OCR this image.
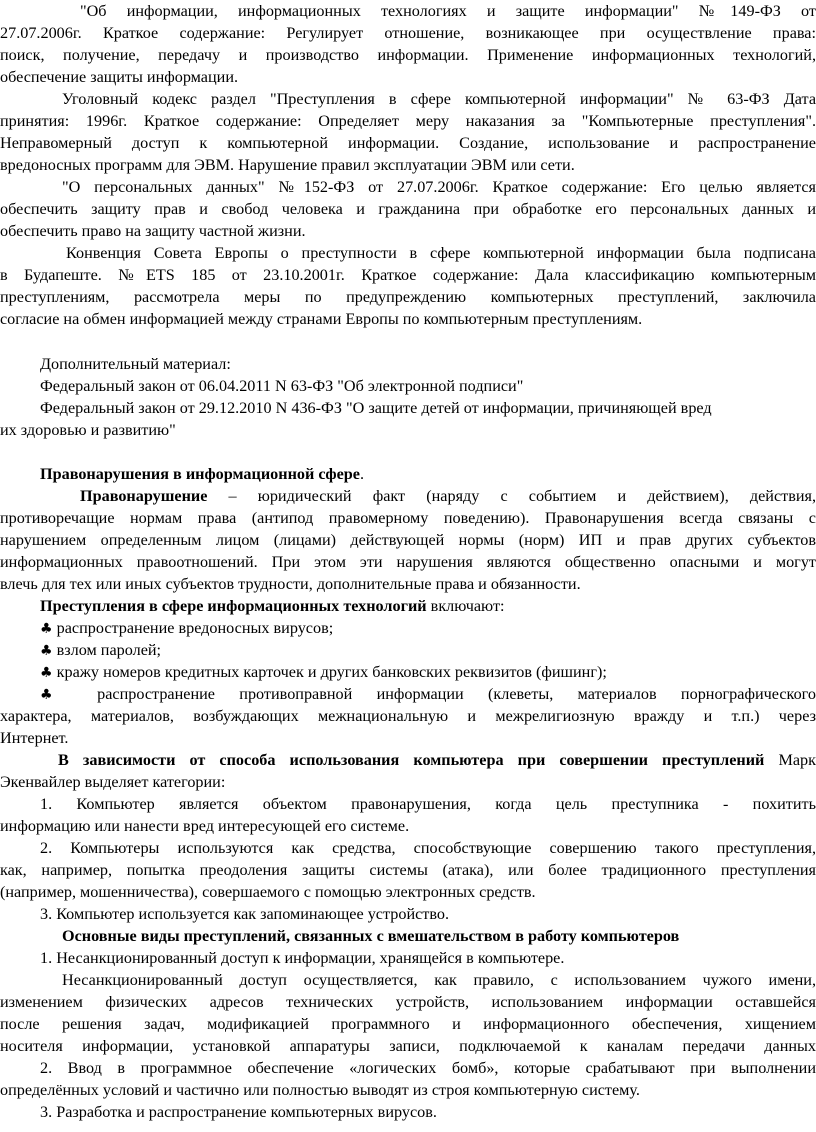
"Об информации, информационных технологиях и защите информации" №149-ФЗ от
27.07.2006г. Краткое содержание: Регулирует отношение, возникающее при осуществление права:
поиск, получение, передачу и производство информации. Применение информационных технологий,
обеспечение защиты информации.
Уголовный кодекс раздел "Преступления в сфере компьютерной информации" № 63-ФЗ Дата
принятия: 1996г. Краткое содержание: Определяет меру наказания за "Компьютерные преступления".
Неправомерный доступ к компьютерной информации. Создание, использование и распространение
вредоносных программ для ЭВМ. Нарушение правил эксплуатации ЭВМ или сети.
"О персональных данных" №152-ФЗ от 27.07.2006г. Краткое содержание: Его целью является
обеспечить защиту прав и свобод человека и гражданина при обработке его персональных данных и
обеспечить право на защиту частной жизни.
Конвенция Совета Европы о преступности в сфере компьютерной информации была подписана
в Будапеште. №ETS 185 от 23.10.2001г. Краткое содержание: Дала классификацию компьютерным
преступлениям, рассмотрела меры по предупреждению компьютерных преступлений, заключила
согласие на обмен информацией между странами Европы по компьютерным преступлениям.
Дополнительный материал:
Федеральный закон от 06.04.2011 N 63-ФЗ "Об электронной подписи"
Федеральный закон от 29.12.2010 N 436-ФЗ "О защите детей от информации, причиняющей вред
их здоровью и развитию"
Правонарушения в информационной сфере.
Правонарушение – юридический факт (наряду с событием и действием), действия,
противоречащие нормам права (антипод правомерному поведению). Правонарушения всегда связаны с
нарушением определенным лицом (лицами) действующей нормы (норм) ИП и прав других субъектов
информационных правоотношений. При этом эти нарушения являются общественно опасными и могут
влечь для тех или иных субъектов трудности, дополнительные права и обязанности.
Преступления в сфере информационных технологий включают:
♣ распространение вредоносных вирусов;
♣ взлом паролей;
♣ кражу номеров кредитных карточек и других банковских реквизитов (фишинг);
♣ распространение противоправной информации (клеветы, материалов порнографического
характера, материалов, возбуждающих межнациональную и межрелигиозную вражду и т.п.) через
Интернет.
В зависимости от способа использования компьютера при совершении преступлений Марк
Экенвайлер выделяет категории:
1. Компьютер является объектом правонарушения, когда цель преступника - похитить
информацию или нанести вред интересующей его системе.
2. Компьютеры используются как средства, способствующие совершению такого преступления,
как, например, попытка преодоления защиты системы (атака), или более традиционного преступления
(например, мошенничества), совершаемого с помощью электронных средств.
3. Компьютер используется как запоминающее устройство.
Основные виды преступлений, связанных с вмешательством в работу компьютеров
1. Несанкционированный доступ к информации, хранящейся в компьютере.
Несанкционированный доступ осуществляется, как правило, с использованием чужого имени,
изменением физических адресов технических устройств, использованием информации оставшейся
после решения задач, модификацией программного и информационного обеспечения, хищением
носителя информации, установкой аппаратуры записи, подключаемой к каналам передачи данных
2. Ввод в программное обеспечение «логических бомб», которые срабатывают при выполнении
определённых условий и частично или полностью выводят из строя компьютерную систему.
3. Разработка и распространение компьютерных вирусов.
